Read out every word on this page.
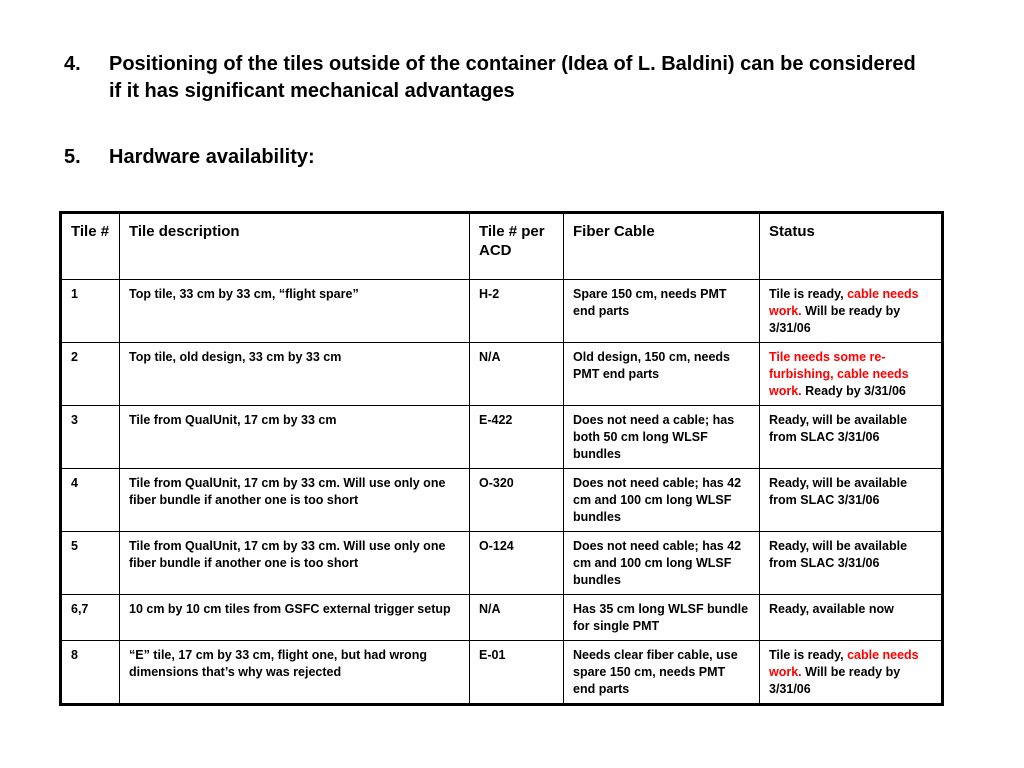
4. Positioning of the tiles outside of the container (Idea of L. Baldini) can be considered if it has significant mechanical advantages
5. Hardware availability:
Tile #	Tile description	Tile # per ACD	Fiber Cable	Status
1	Top tile, 33 cm by 33 cm, “flight spare”	H-2	Spare 150 cm, needs PMT end parts	Tile is ready, cable needs work. Will be ready by 3/31/06
2	Top tile, old design, 33 cm by 33 cm	N/A	Old design, 150 cm, needs PMT end parts	Tile needs some re-furbishing, cable needs work. Ready by 3/31/06
3	Tile from QualUnit, 17 cm by 33 cm	E-422	Does not need a cable; has both 50 cm long WLSF bundles	Ready, will be available from SLAC 3/31/06
4	Tile from QualUnit, 17 cm by 33 cm. Will use only one fiber bundle if another one is too short	O-320	Does not need cable; has 42 cm and 100 cm long WLSF bundles	Ready, will be available from SLAC 3/31/06
5	Tile from QualUnit, 17 cm by 33 cm. Will use only one fiber bundle if another one is too short	O-124	Does not need cable; has 42 cm and 100 cm long WLSF bundles	Ready, will be available from SLAC 3/31/06
6,7	10 cm by 10 cm tiles from GSFC external trigger setup	N/A	Has 35 cm long WLSF bundle for single PMT	Ready, available now
8	“E” tile, 17 cm by 33 cm, flight one, but had wrong dimensions that’s why was rejected	E-01	Needs clear fiber cable, use spare 150 cm, needs PMT end parts	Tile is ready, cable needs work. Will be ready by 3/31/06
